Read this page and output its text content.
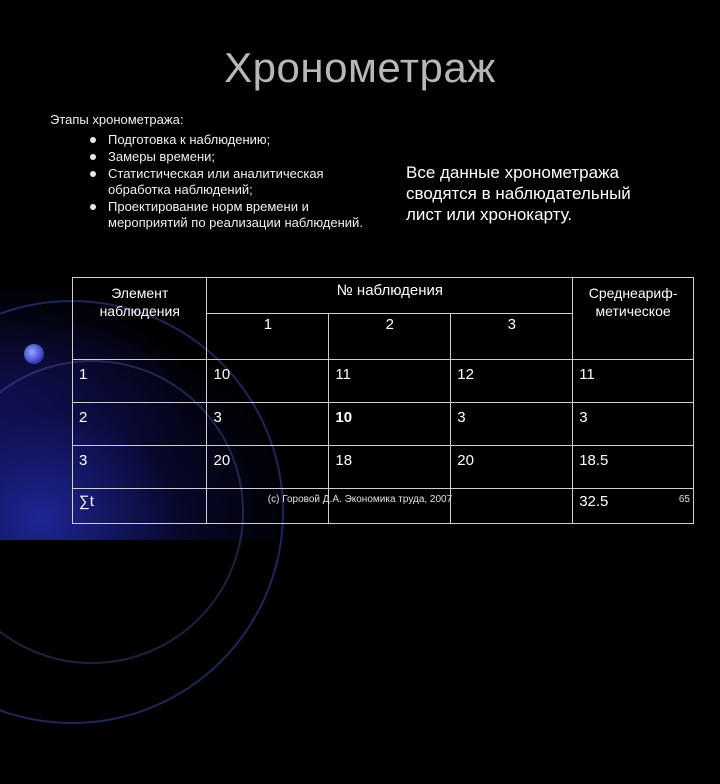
Хронометраж
Этапы хронометража:
Подготовка к наблюдению;
Замеры времени;
Статистическая или аналитическая обработка наблюдений;
Проектирование норм времени и мероприятий по реализации наблюдений.
Все данные хронометража сводятся в наблюдательный лист или хронокарту.
Элемент наблюдения	№ наблюдения			Среднеариф-метическое
	1	2	3	
1	10	11	12	11
2	3	10	3	3
3	20	18	20	18.5
∑t				32.5
(c) Горовой Д.А. Экономика труда, 2007	65
